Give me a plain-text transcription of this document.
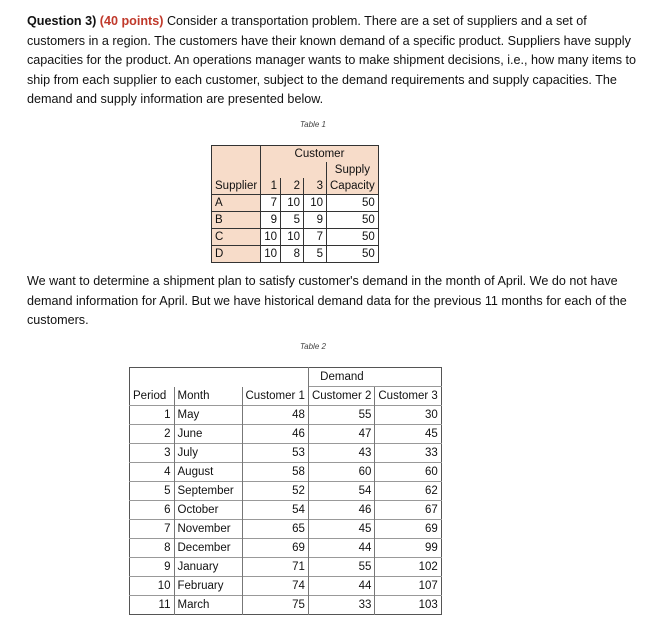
Question 3) (40 points) Consider a transportation problem. There are a set of suppliers and a set of customers in a region. The customers have their known demand of a specific product. Suppliers have supply capacities for the product. An operations manager wants to make shipment decisions, i.e., how many items to ship from each supplier to each customer, subject to the demand requirements and supply capacities. The demand and supply information are presented below.

Table 1
	Customer			
				Supply
Supplier	1	2	3	Capacity
A	7	10	10	50
B	9	5	9	50
C	10	10	7	50
D	10	8	5	50

We want to determine a shipment plan to satisfy customer's demand in the month of April. We do not have demand information for April. But we have historical demand data for the previous 11 months for each of the customers.

Table 2
			Demand	
Period	Month	Customer 1	Customer 2	Customer 3
1	May	48	55	30
2	June	46	47	45
3	July	53	43	33
4	August	58	60	60
5	September	52	54	62
6	October	54	46	67
7	November	65	45	69
8	December	69	44	99
9	January	71	55	102
10	February	74	44	107
11	March	75	33	103
